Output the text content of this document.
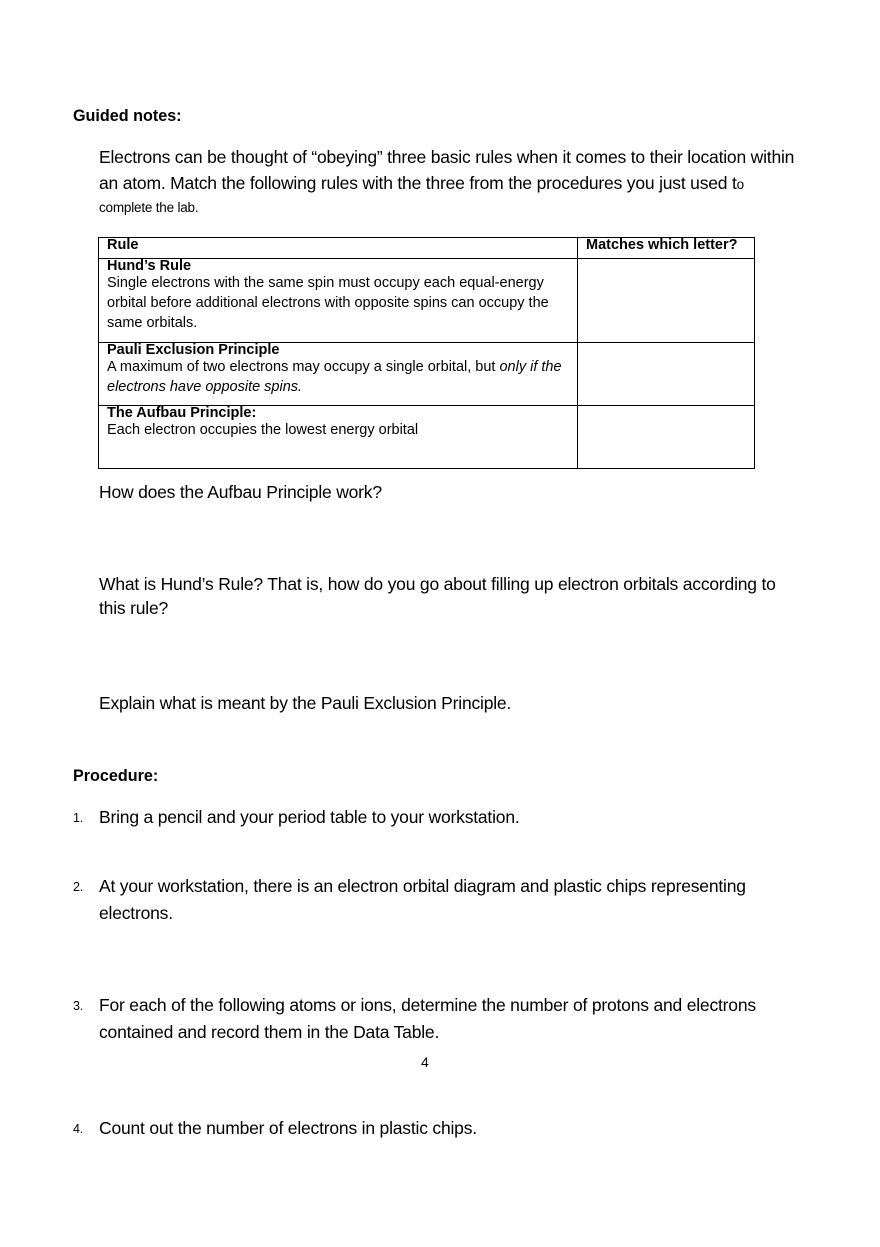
Guided notes:
Electrons can be thought of “obeying” three basic rules when it comes to their location within
an atom. Match the following rules with the three from the procedures you just used to
complete the lab.
Rule	Matches which letter?

Hund’s Rule
Single electrons with the same spin must occupy each equal-energy orbital before additional electrons with opposite spins can occupy the same orbitals.	

Pauli Exclusion Principle
A maximum of two electrons may occupy a single orbital, but only if the electrons have opposite spins.	

The Aufbau Principle:
Each electron occupies the lowest energy orbital	
How does the Aufbau Principle work?
What is Hund’s Rule? That is, how do you go about filling up electron orbitals according to this rule?
Explain what is meant by the Pauli Exclusion Principle.
Procedure:
1. Bring a pencil and your period table to your workstation.
2. At your workstation, there is an electron orbital diagram and plastic chips representing electrons.
3. For each of the following atoms or ions, determine the number of protons and electrons contained and record them in the Data Table.
4. Count out the number of electrons in plastic chips.
4
